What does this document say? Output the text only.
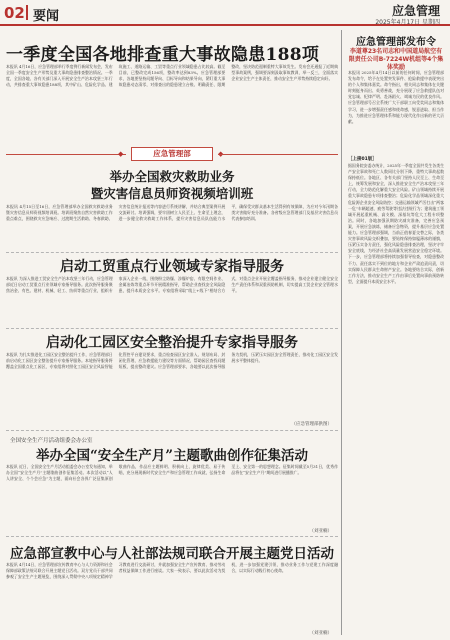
02 要闻	应急管理
2025年4月17日 星期四
一季度全国各地排查重大事故隐患188项
本报讯 4月16日，应急管理部举行季度例行新闻发布会，发布全国一季度安全生产形势及重大事故隐患排查整治情况。一季度，全国各地、各有关部门深入开展安全生产治本攻坚三年行动，共排查重大事故隐患188项，其中矿山、危险化学品、建筑施工、道路运输、工贸等重点行业领域隐患占比较高。截至目前，已整改完成156项，整改率达到83%。应急管理部要求，各地要坚持问题导向、目标导向和结果导向，紧盯重大事故隐患动态清零，对排查出的隐患建立台账、明确责任、限期整改，坚决防范遏制重特大事故发生。发布会还通报了近期典型事故案例，强调要深刻汲取事故教训，举一反三，全面落实企业安全生产主体责任，推动安全生产形势持续稳定向好。
◆	应急管理部
举办全国救灾救助业务
暨灾害信息员师资视频培训班
本报讯 4月15日至16日，应急管理部举办全国救灾救助业务暨灾害信息员师资视频培训班。培训班聚焦自然灾害救助工作重点难点，围绕救灾应急响应、过渡期生活救助、冬春救助、灾害信息统计报送等内容进行系统讲解，并结合典型案例开展交流研讨。培训强调，要牢固树立人民至上、生命至上理念，进一步健全救灾救助工作体系，提升灾害信息员队伍能力水平，确保受灾群众基本生活得到有效保障，为应对今年汛期各类灾害做好充分准备。各省级应急管理部门及基层灾害信息员代表参加培训。
启动工贸重点行业领域专家指导服务
本报讯 为深入推进工贸安全生产治本攻坚三年行动，应急管理部近日启动工贸重点行业领域专家指导服务。此次指导服务聚焦冶金、有色、建材、机械、轻工、纺织等重点行业，组织专家深入企业一线，围绕粉尘防爆、涉爆炉窑、有限空间作业、金属冶炼等重点环节开展精准指导，帮助企业查找安全风险隐患，提升本质安全水平。专家组将采取“线上+线下”相结合方式，对重点企业开展全覆盖指导服务，推动企业建立健全安全生产责任体系和双重预防机制，切实提高工贸企业安全管理水平。
启动化工园区安全整治提升专家指导服务
本报讯 为扎实推进化工园区安全整治提升工作，应急管理部日前启动化工园区安全整治提升专家指导服务。本轮指导服务将覆盖全国重点化工园区，专家组将对照化工园区安全风险智能化管控平台建设要求，重点检查园区安全准入、规划布局、封闭化管理、应急救援能力建设等方面情况，帮助园区查找问题短板，提出整改建议。应急管理部要求，各地要以此次指导服务为契机，压紧压实园区安全管理责任，推动化工园区安全发展水平整体提升。
（应急管理部供图）
全国安全生产月活动组委会办公室
举办全国“安全生产月”主题歌曲创作征集活动
本报讯 近日，全国安全生产月活动组委会办公室发布通知，举办全国“安全生产月”主题歌曲创作征集活动。本次活动以“人人讲安全、个个会应急”为主题，面向社会各界广泛征集原创歌曲作品，作品应主题鲜明、积极向上，旋律优美、易于传唱，充分展现新时代安全生产和应急管理工作成就，弘扬生命至上、安全第一的思想理念。征集时间截至5月31日，优秀作品将在“安全生产月”期间进行展播推广。
（刘亚楠）
应急部宣教中心与人社部法规司联合开展主题党日活动
本报讯 4月14日，应急管理部宣传教育中心与人力资源和社会保障部政策法规司联合开展主题党日活动。双方党员干部共同参观了安全生产主题展览，围绕深入贯彻中央八项规定精神学习教育进行交流研讨，并就加强安全生产宣传教育、推动劳动者权益保障工作进行座谈。大家一致表示，要以此次活动为契机，进一步加强党建引领，推动业务工作与党建工作深度融合，以实际行动践行初心使命。
（刘亚楠）
应急管理部发布令
李道尊23名司志和中国道局航空有限责任公司B-7224W机组等4个集体奖励
本报讯 2025年4月14日以前的任何时间，应急管理部发布命令，给予在处置突发事件、抢险救援中表现突出的个人和集体嘉奖。命令指出，相关同志和集体在关键时刻挺身而出、英勇善战，充分展现了应急救援队伍对党忠诚、纪律严明、赴汤蹈火、竭诚为民的优良作风。应急管理部号召全系统广大干部职工向受奖同志和集体学习，进一步增强责任感和使命感，锐意进取、担当作为，为推进应急管理体系和能力现代化作出新的更大贡献。
［上接01版］
据国务院安委办统计，2025年一季度全国共发生各类生产安全事故和死亡人数同比分别下降，重特大事故起数保持低位。各地区、各有关部门坚持人民至上、生命至上，统筹发展和安全，深入推进安全生产治本攻坚三年行动，全力防范化解重大安全风险。矿山领域持续开展重大事故隐患专项排查整治；危险化学品领域深化重大危险源企业安全风险防控；交通运输领域严厉打击“两客一危”车辆超速、疲劳驾驶等违法违规行为；建筑施工领域开展起重机械、高支模、深基坑等危大工程专项整治。同时，各地加强汛期防灾减灾准备，完善应急预案，开展应急演练，储备应急物资，提升基层应急处置能力。应急管理部强调，当前正值春夏交替之际，各类灾害事故风险交织叠加，要始终保持如履薄冰的谨慎，压紧压实各方责任，强化风险隐患排查治理，坚决守牢安全底线，为经济社会高质量发展营造安全稳定环境。下一步，应急管理部将持续加强督导检查，对隐患整改不力、责任落实不到位的地方和企业严肃追责问责，切实保障人民群众生命财产安全。各地要结合实际，创新工作方法，推动安全生产工作由事后处置向事前预防转型，全面提升本质安全水平。
